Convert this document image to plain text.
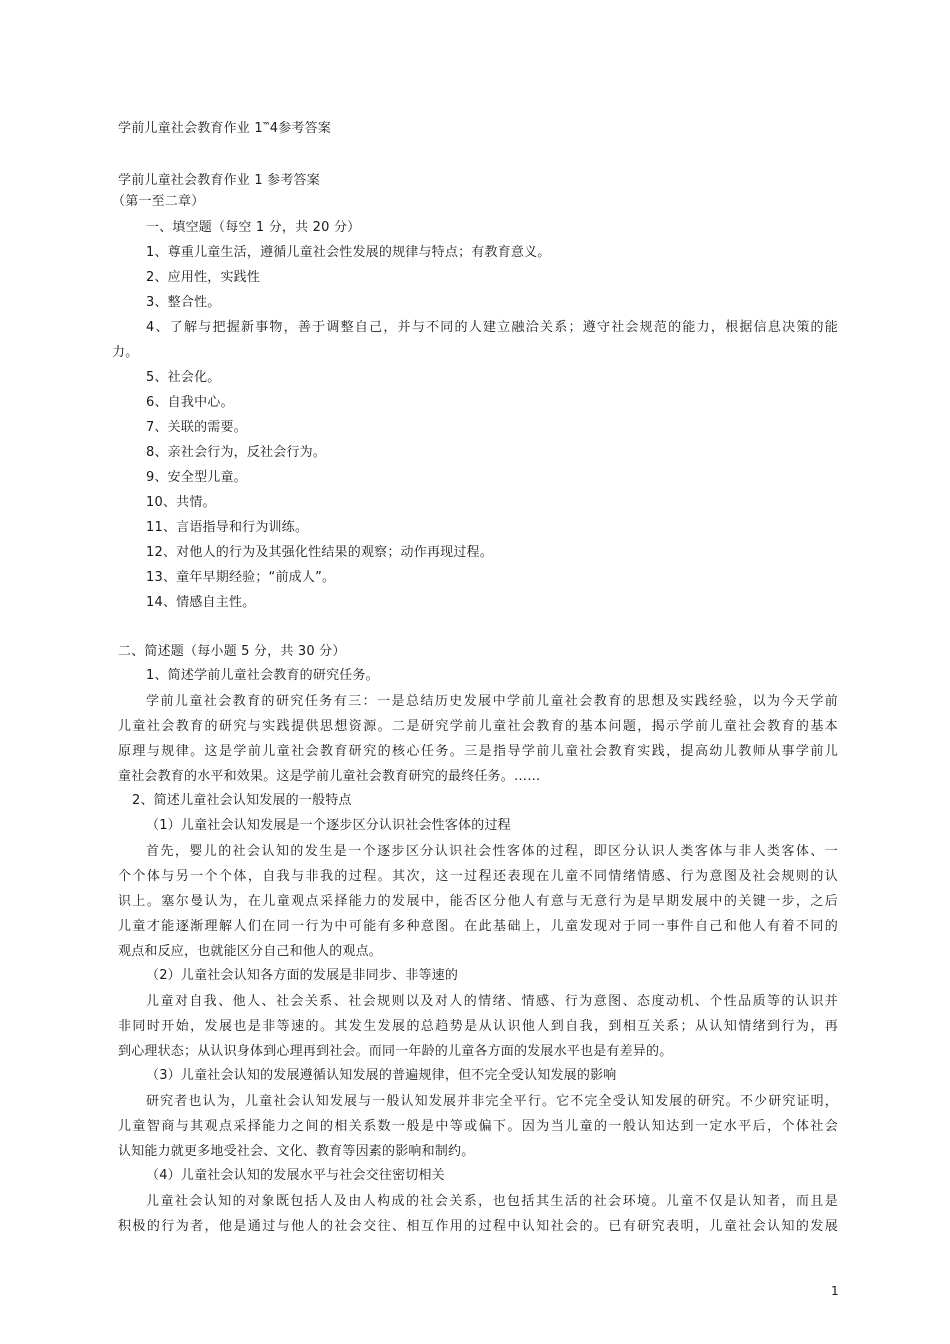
学前儿童社会教育作业 1‷4参考答案
学前儿童社会教育作业 1 参考答案
（第一至二章）
一、填空题（每空 1 分，共 20 分）
1、尊重儿童生活，遵循儿童社会性发展的规律与特点；有教育意义。
2、应用性，实践性
3、整合性。
4、了解与把握新事物，善于调整自己，并与不同的人建立融洽关系；遵守社会规范的能力，根据信息决策的能
力。
5、社会化。
6、自我中心。
7、关联的需要。
8、亲社会行为，反社会行为。
9、安全型儿童。
10、共情。
11、言语指导和行为训练。
12、对他人的行为及其强化性结果的观察；动作再现过程。
13、童年早期经验；“前成人”。
14、情感自主性。
二、简述题（每小题 5 分，共 30 分）
1、简述学前儿童社会教育的研究任务。
学前儿童社会教育的研究任务有三：一是总结历史发展中学前儿童社会教育的思想及实践经验，以为今天学前
儿童社会教育的研究与实践提供思想资源。二是研究学前儿童社会教育的基本问题，揭示学前儿童社会教育的基本
原理与规律。这是学前儿童社会教育研究的核心任务。三是指导学前儿童社会教育实践，提高幼儿教师从事学前儿
童社会教育的水平和效果。这是学前儿童社会教育研究的最终任务。……
2、简述儿童社会认知发展的一般特点
（1）儿童社会认知发展是一个逐步区分认识社会性客体的过程
首先，婴儿的社会认知的发生是一个逐步区分认识社会性客体的过程，即区分认识人类客体与非人类客体、一
个个体与另一个个体，自我与非我的过程。其次，这一过程还表现在儿童不同情绪情感、行为意图及社会规则的认
识上。塞尔曼认为，在儿童观点采择能力的发展中，能否区分他人有意与无意行为是早期发展中的关键一步，之后
儿童才能逐渐理解人们在同一行为中可能有多种意图。在此基础上，儿童发现对于同一事件自己和他人有着不同的
观点和反应，也就能区分自己和他人的观点。
（2）儿童社会认知各方面的发展是非同步、非等速的
儿童对自我、他人、社会关系、社会规则以及对人的情绪、情感、行为意图、态度动机、个性品质等的认识并
非同时开始，发展也是非等速的。其发生发展的总趋势是从认识他人到自我，到相互关系；从认知情绪到行为，再
到心理状态；从认识身体到心理再到社会。而同一年龄的儿童各方面的发展水平也是有差异的。
（3）儿童社会认知的发展遵循认知发展的普遍规律，但不完全受认知发展的影响
研究者也认为，儿童社会认知发展与一般认知发展并非完全平行。它不完全受认知发展的研究。不少研究证明，
儿童智商与其观点采择能力之间的相关系数一般是中等或偏下。因为当儿童的一般认知达到一定水平后，个体社会
认知能力就更多地受社会、文化、教育等因素的影响和制约。
（4）儿童社会认知的发展水平与社会交往密切相关
儿童社会认知的对象既包括人及由人构成的社会关系，也包括其生活的社会环境。儿童不仅是认知者，而且是
积极的行为者，他是通过与他人的社会交往、相互作用的过程中认知社会的。已有研究表明，儿童社会认知的发展
1
